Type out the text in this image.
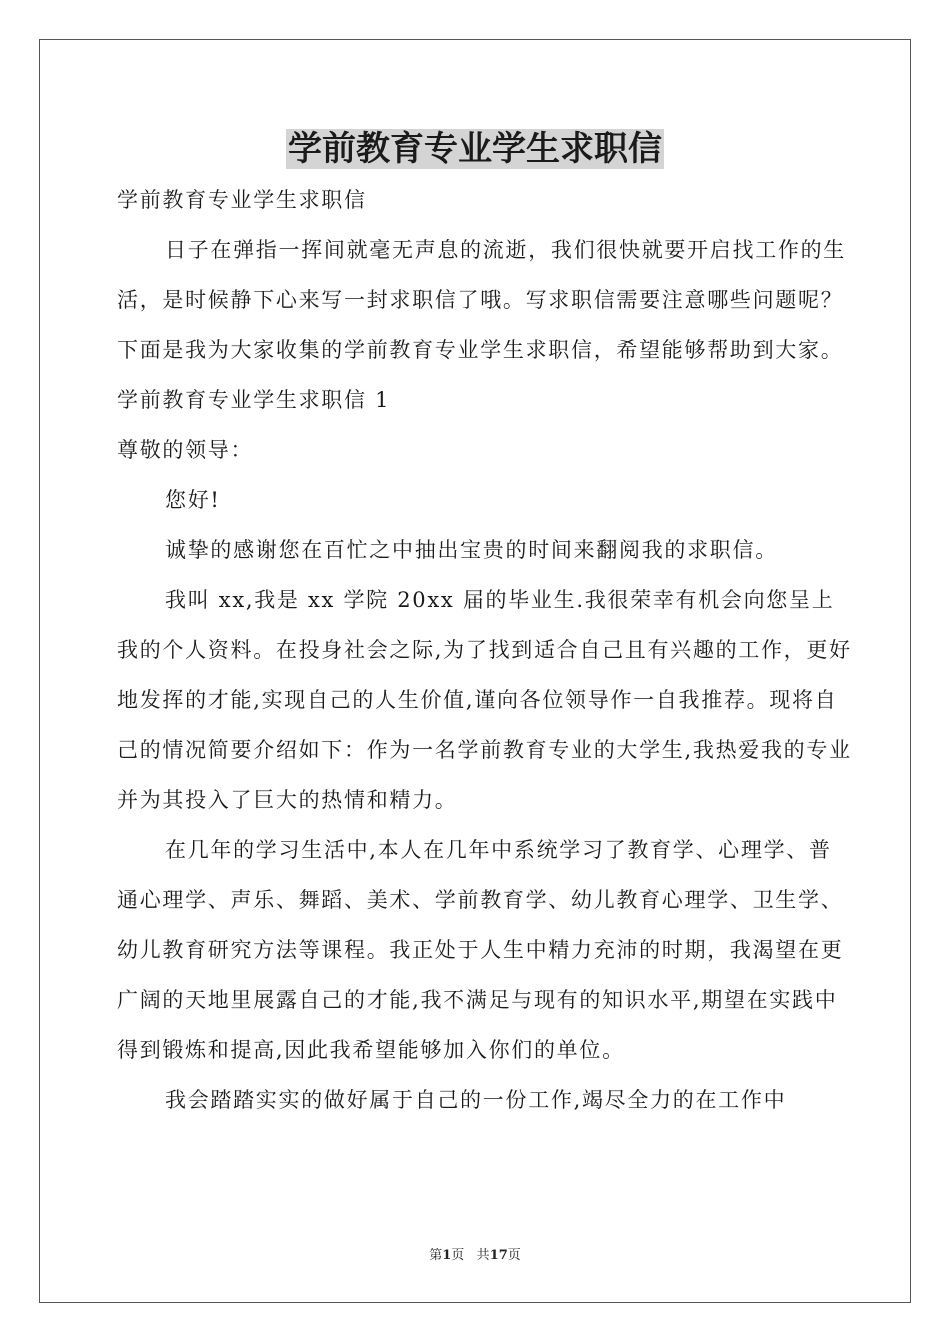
学前教育专业学生求职信

学前教育专业学生求职信

日子在弹指一挥间就毫无声息的流逝，我们很快就要开启找工作的生活，是时候静下心来写一封求职信了哦。写求职信需要注意哪些问题呢？下面是我为大家收集的学前教育专业学生求职信，希望能够帮助到大家。

学前教育专业学生求职信 1

尊敬的领导：

您好!

诚挚的感谢您在百忙之中抽出宝贵的时间来翻阅我的求职信。

我叫 xx,我是 xx 学院 20xx 届的毕业生.我很荣幸有机会向您呈上我的个人资料。在投身社会之际,为了找到适合自己且有兴趣的工作，更好地发挥的才能,实现自己的人生价值,谨向各位领导作一自我推荐。现将自己的情况简要介绍如下：作为一名学前教育专业的大学生,我热爱我的专业并为其投入了巨大的热情和精力。

在几年的学习生活中,本人在几年中系统学习了教育学、心理学、普通心理学、声乐、舞蹈、美术、学前教育学、幼儿教育心理学、卫生学、幼儿教育研究方法等课程。我正处于人生中精力充沛的时期，我渴望在更广阔的天地里展露自己的才能,我不满足与现有的知识水平,期望在实践中得到锻炼和提高,因此我希望能够加入你们的单位。

我会踏踏实实的做好属于自己的一份工作,竭尽全力的在工作中

第1页 共17页
